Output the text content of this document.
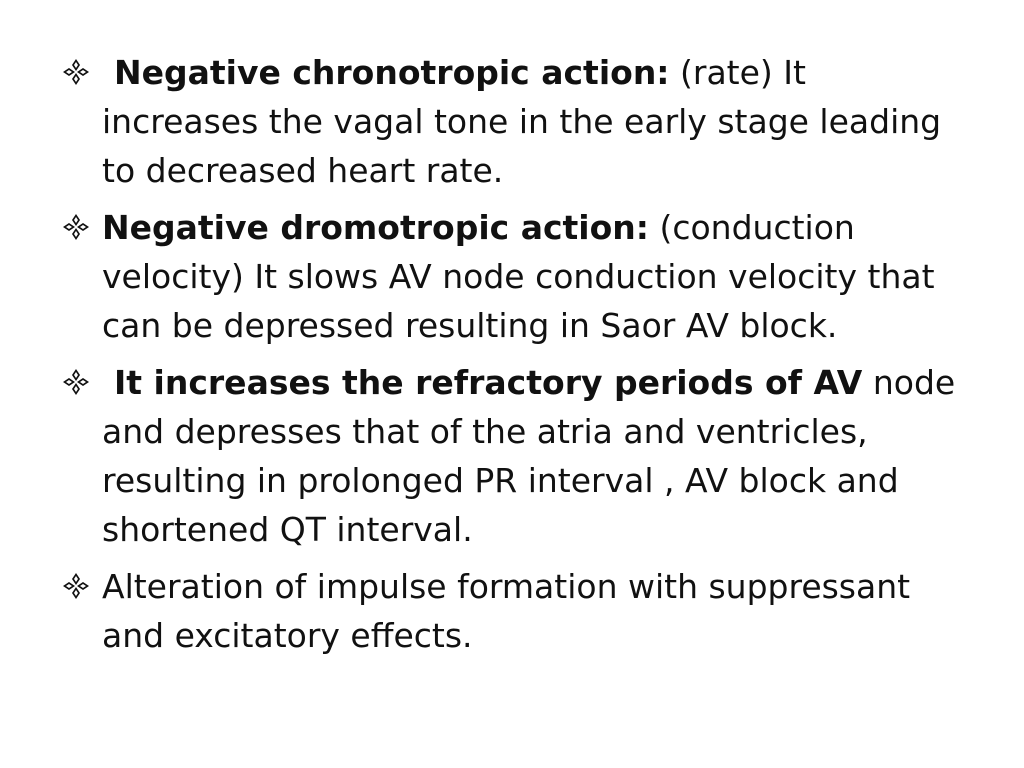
Negative chronotropic action: (rate) It increases the vagal tone in the early stage leading to decreased heart rate.
Negative dromotropic action: (conduction velocity) It slows AV node conduction velocity that can be depressed resulting in Saor AV block.
It increases the refractory periods of AV node and depresses that of the atria and ventricles, resulting in prolonged PR interval , AV block and shortened QT interval.
Alteration of impulse formation with suppressant and excitatory effects.
